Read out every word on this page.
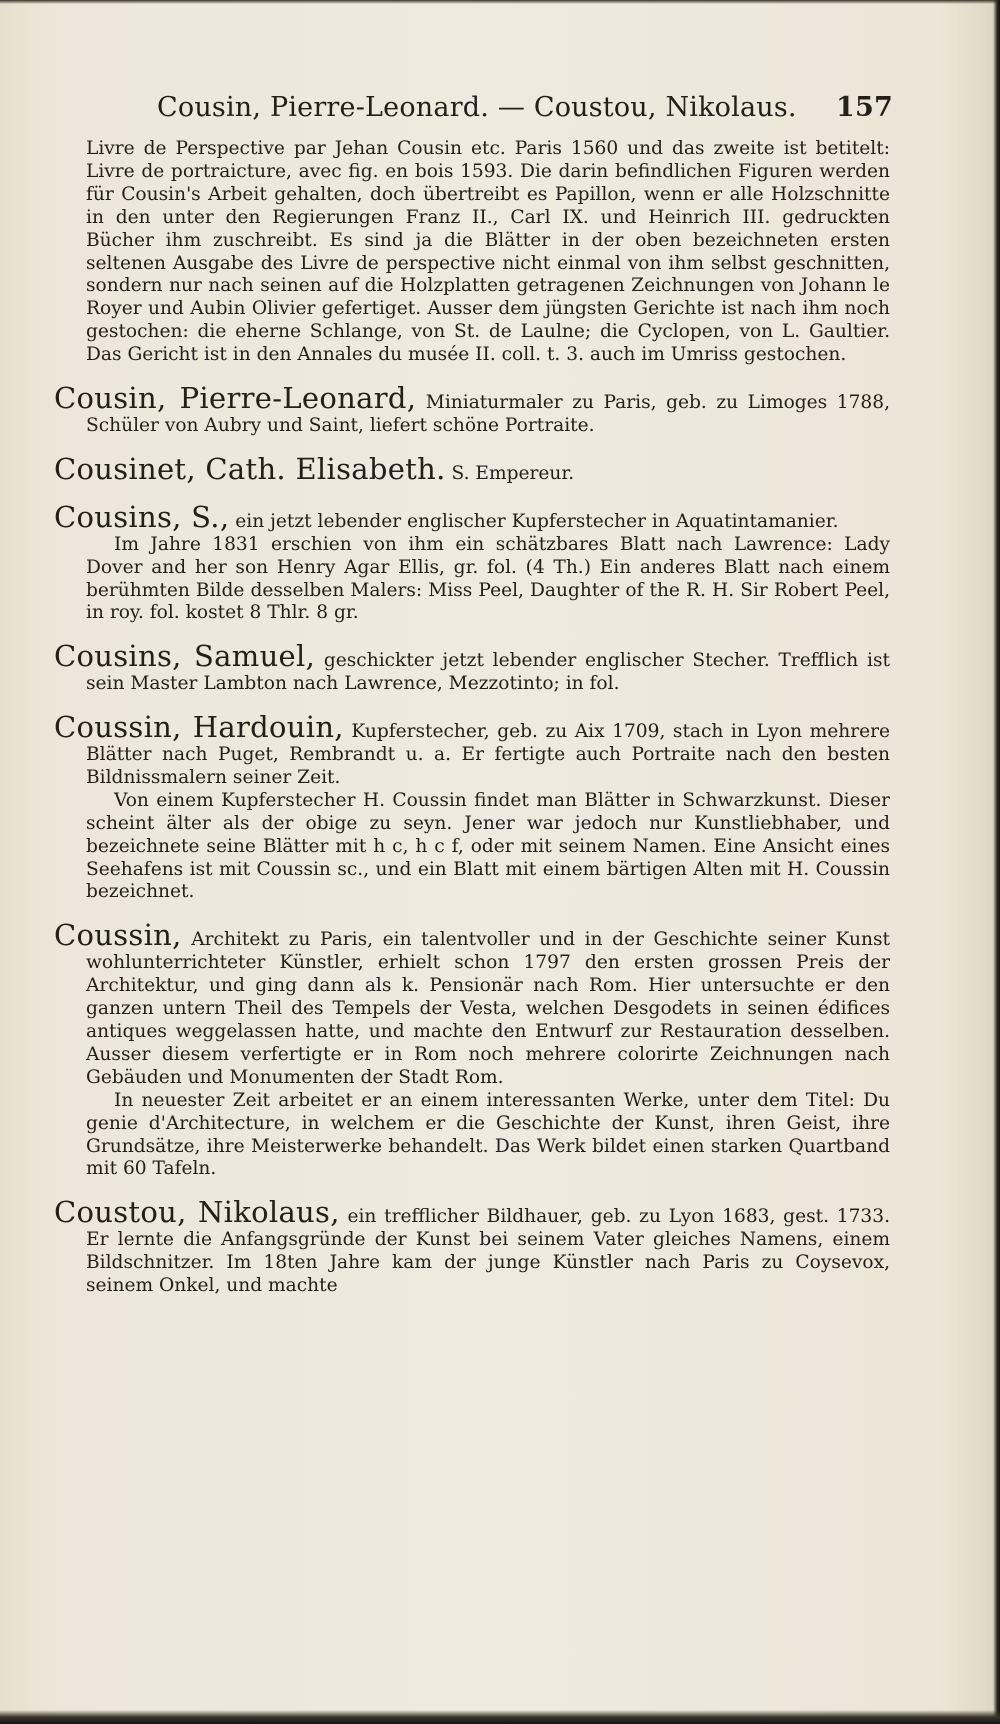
Cousin, Pierre-Leonard. — Coustou, Nikolaus. 157

Livre de Perspective par Jehan Cousin etc. Paris 1560 und das zweite ist betitelt: Livre de portraicture, avec fig. en bois 1593. Die darin befindlichen Figuren werden für Cousin's Arbeit gehalten, doch übertreibt es Papillon, wenn er alle Holzschnitte in den unter den Regierungen Franz II., Carl IX. und Heinrich III. gedruckten Bücher ihm zuschreibt. Es sind ja die Blätter in der oben bezeichneten ersten seltenen Ausgabe des Livre de perspective nicht einmal von ihm selbst geschnitten, sondern nur nach seinen auf die Holzplatten getragenen Zeichnungen von Johann le Royer und Aubin Olivier gefertiget. Ausser dem jüngsten Gerichte ist nach ihm noch gestochen: die eherne Schlange, von St. de Laulne; die Cyclopen, von L. Gaultier. Das Gericht ist in den Annales du musée II. coll. t. 3. auch im Umriss gestochen.

Cousin, Pierre-Leonard, Miniaturmaler zu Paris, geb. zu Limoges 1788, Schüler von Aubry und Saint, liefert schöne Portraite.

Cousinet, Cath. Elisabeth. S. Empereur.

Cousins, S., ein jetzt lebender englischer Kupferstecher in Aquatintamanier.

Im Jahre 1831 erschien von ihm ein schätzbares Blatt nach Lawrence: Lady Dover and her son Henry Agar Ellis, gr. fol. (4 Th.) Ein anderes Blatt nach einem berühmten Bilde desselben Malers: Miss Peel, Daughter of the R. H. Sir Robert Peel, in roy. fol. kostet 8 Thlr. 8 gr.

Cousins, Samuel, geschickter jetzt lebender englischer Stecher. Trefflich ist sein Master Lambton nach Lawrence, Mezzotinto; in fol.

Coussin, Hardouin, Kupferstecher, geb. zu Aix 1709, stach in Lyon mehrere Blätter nach Puget, Rembrandt u. a. Er fertigte auch Portraite nach den besten Bildnissmalern seiner Zeit.

Von einem Kupferstecher H. Coussin findet man Blätter in Schwarzkunst. Dieser scheint älter als der obige zu seyn. Jener war jedoch nur Kunstliebhaber, und bezeichnete seine Blätter mit h c, h c f, oder mit seinem Namen. Eine Ansicht eines Seehafens ist mit Coussin sc., und ein Blatt mit einem bärtigen Alten mit H. Coussin bezeichnet.

Coussin, Architekt zu Paris, ein talentvoller und in der Geschichte seiner Kunst wohlunterrichteter Künstler, erhielt schon 1797 den ersten grossen Preis der Architektur, und ging dann als k. Pensionär nach Rom. Hier untersuchte er den ganzen untern Theil des Tempels der Vesta, welchen Desgodets in seinen édifices antiques weggelassen hatte, und machte den Entwurf zur Restauration desselben. Ausser diesem verfertigte er in Rom noch mehrere colorirte Zeichnungen nach Gebäuden und Monumenten der Stadt Rom.

In neuester Zeit arbeitet er an einem interessanten Werke, unter dem Titel: Du genie d'Architecture, in welchem er die Geschichte der Kunst, ihren Geist, ihre Grundsätze, ihre Meisterwerke behandelt. Das Werk bildet einen starken Quartband mit 60 Tafeln.

Coustou, Nikolaus, ein trefflicher Bildhauer, geb. zu Lyon 1683, gest. 1733. Er lernte die Anfangsgründe der Kunst bei seinem Vater gleiches Namens, einem Bildschnitzer. Im 18ten Jahre kam der junge Künstler nach Paris zu Coysevox, seinem Onkel, und machte
